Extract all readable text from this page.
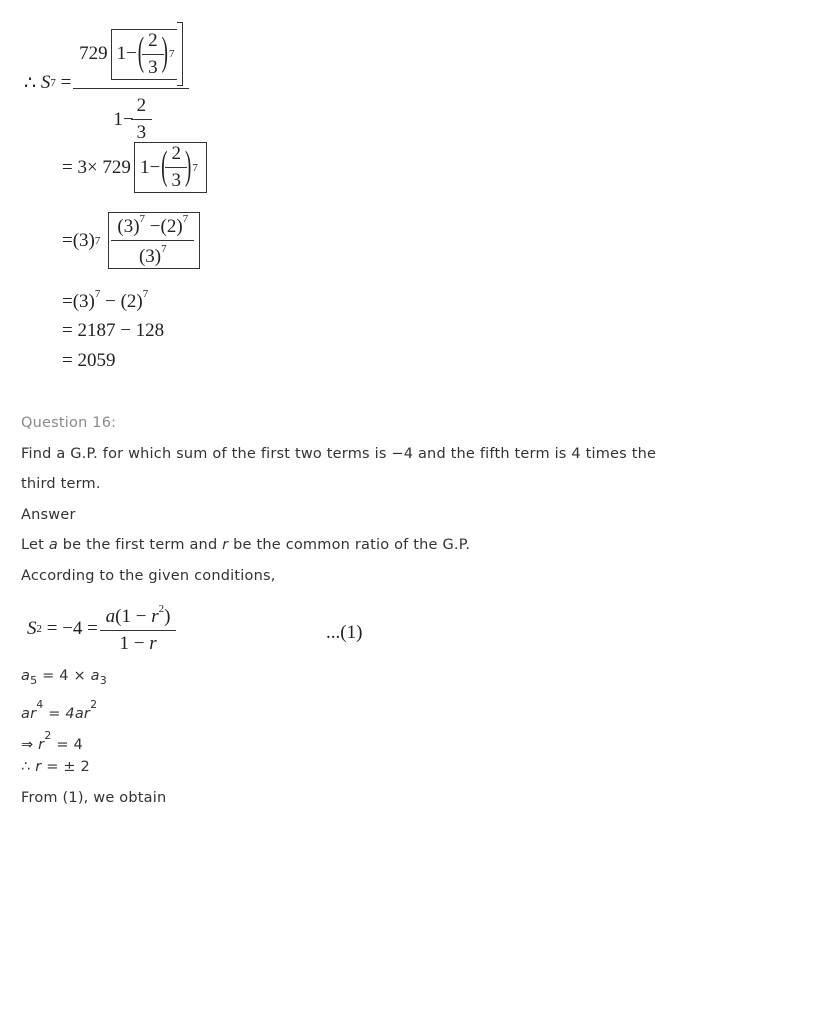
∴
S 7
=

729 1 − ( $\frac{2}{3}$ ) 7
$1 - \frac{2}{3}$
= 3× 729 1 − ( $\frac{2}{3}$ ) 7
= (3) $7 \frac{(3)^7 -(2)^7}{(3)^7}$
$=(3)^7 - (2)^7$
= 2187 − 128
= 2059
Question 16:
Find a G.P. for which sum of the first two terms is −4 and the fifth term is 4 times the
third term.
Answer
Let a be the first term and r be the common ratio of the G.P.
According to the given conditions,
S 2
= −4 =
$\frac{a(1 - r^2)}{1 - r}$	...(1)
$a_5 = 4 \times a_3$
$ar^4 = 4ar^2$
⇒ $r^2 = 4$
∴ r = ± 2
From (1), we obtain
